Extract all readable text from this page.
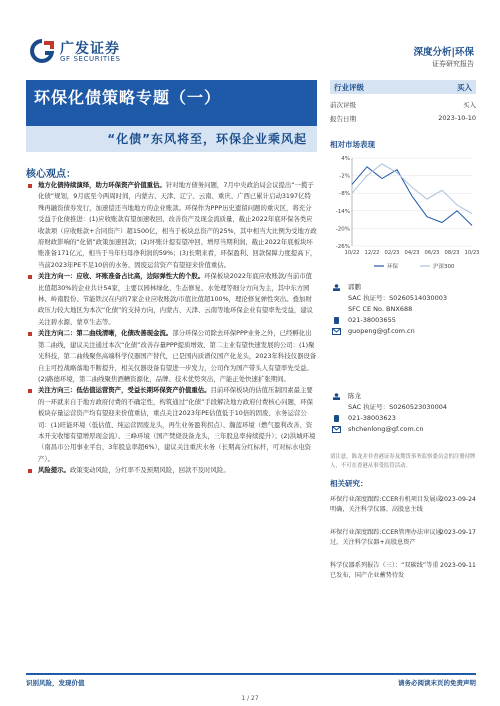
广发证券
GF SECURITIES
深度分析|环保
证券研究报告
环保化债策略专题（一）
“化债”东风将至，环保企业乘风起
核心观点：
地方化债持续演绎，助力环保资产价值重估。针对地方债务问题，7月中央政治局会议提出“一揽子化债”规划，9月底至今两周时间，内蒙古、天津、辽宁、云南、重庆、广西已累计启动3197亿特殊再融资债券发行，加速偿还当地地方的企业账款。环保作为PPP历史遗留问题的重灾区，将充分受益于化债推进：(1)应收账款有望加速收回、改善资产及现金流质量，截止2022年底环保各类应收款项（应收账款+合同资产）超1500亿，相当于板块总资产的25%，其中相当大比例为受地方政府财政影响的“化债”政策加速回款；(2)坏账计提有望冲回、增厚当期利润，截止2022年底板块坏账准备171亿元，相当于当年归母净利润的59%；(3)长期来看，环保盈利、回款保障力度提高下，当前2023年PE不足10倍的水务、固废运营资产有望迎来价值重估。
关注方向一：应收、坏账准备占比高，边际弹性大的个股。环保板块2022年底应收账款/当前市值比值超30%的企业共计54家，主要以园林绿化、生态修复、水处理等细分方向为主，其中东方园林、岭南股份、节能铁汉在内的7家企业应收账款/市值比值超100%，理论修复弹性突出。叠加财政压力较大地区为本次“化债”的支持方向，内蒙古、天津、云南等地环保企业有望率先受益，建议关注碧水源、蒙草生态等。
关注方向二：第二曲线清晰，化债改善现金流。部分环保公司除去环保PPP业务之外，已经孵化出第二曲线，建议关注通过本次“化债”改善存量PPP提质增效、第二主业有望快速发展的公司：(1)聚光科技，第二曲线聚焦高端科学仪器国产替代，已是国内质谱仪国产化龙头，2023年科技仪器设备自主可控战略落地不断提升，相关仪器设备有望进一步发力，公司作为国产带头人有望率先受益。(2)路德环境，第二曲线聚焦酒糟资源化，品牌、技术优势突出，产能正处快速扩张期间。
关注方向三：低估值运营资产，受益长期环保资产价值重估。目前环保板块的估值压制因素最主要的一环就来自于地方政府付费的不确定性，构筑通过“化债”手段解决地方政府付费核心问题，环保板块存量运营资产均有望迎来价值重估，重点关注2023年PE估值低于10倍的固废、水务运营公司：(1)旺能环境（低估值、纯运营固废龙头，再生业务盈利拐点）、瀚蓝环境（燃气盈利改善、资本开支收缩有望增厚现金流）、三峰环境（国产焚烧设备龙头，三年股息率持续提升）；(2)洪城环境（南昌市公用事业平台，3年股息率超6%），建议关注重庆水务（长期高分红标杆，可对标水电资产）。
风险提示。政策变动风险，分红率不及预期风险，回款不及时风险。
行业评级	买入
前次评级	买入
报告日期	2023-10-10
相对市场表现
4%
-2%
-8%
-14%
-20%
-26%
10/22 12/22 02/23 04/23 06/23 08/23 10/23
环保	沪深300
郭鹏
SAC 执证号：S0260514030003
SFC CE No. BNX688
021-38003655
guopeng@gf.com.cn
陈龙
SAC 执证号：S0260523030004
021-38003623
shchenlong@gf.com.cn
请注意，陈龙并非香港证券及期货事务监察委员会的注册持牌人，不可在香港从事受监管活动。
相关研究：
环保行业深度跟踪:CCER有机项目发展成明确，关注科学仪器、高股息主线
2023-09-24
环保行业深度跟踪:CCER管理办法审议通过，关注科学仪器+高股息资产
2023-09-17
科学仪器系列报告（三）：“双碳线”等重已发布，国产企业蓄势待发
2023-09-11
识别风险，发现价值	请务必阅读末页的免责声明
1 / 27
